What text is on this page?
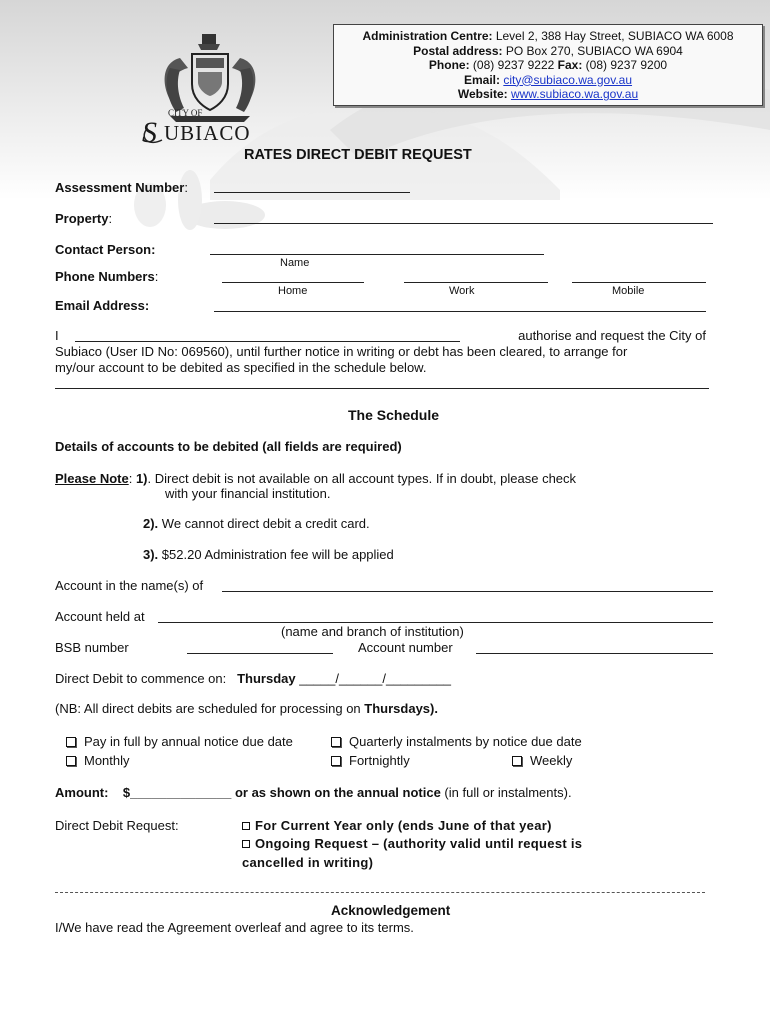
CITY OF
S UBIACO
Administration Centre: Level 2, 388 Hay Street, SUBIACO WA 6008
Postal address: PO Box 270, SUBIACO WA 6904
Phone: (08) 9237 9222 Fax: (08) 9237 9200
Email: city@subiaco.wa.gov.au
Website: www.subiaco.wa.gov.au
RATES DIRECT DEBIT REQUEST
Assessment Number:
Property:
Contact Person:
Name
Phone Numbers:
Home	Work	Mobile
Email Address:
I	authorise and request the City of
Subiaco (User ID No: 069560), until further notice in writing or debt has been cleared, to arrange for
my/our account to be debited as specified in the schedule below.
The Schedule
Details of accounts to be debited (all fields are required)
Please Note: 1). Direct debit is not available on all account types. If in doubt, please check
with your financial institution.
2). We cannot direct debit a credit card.
3). $52.20 Administration fee will be applied
Account in the name(s) of
Account held at
(name and branch of institution)
BSB number	Account number
Direct Debit to commence on: Thursday _____/______/_________
(NB: All direct debits are scheduled for processing on Thursdays).
Pay in full by annual notice due date	Quarterly instalments by notice due date
Monthly	Fortnightly	Weekly
Amount: $______________ or as shown on the annual notice (in full or instalments).
Direct Debit Request:	For Current Year only (ends June of that year)
Ongoing Request – (authority valid until request is
cancelled in writing)
Acknowledgement
I/We have read the Agreement overleaf and agree to its terms.
